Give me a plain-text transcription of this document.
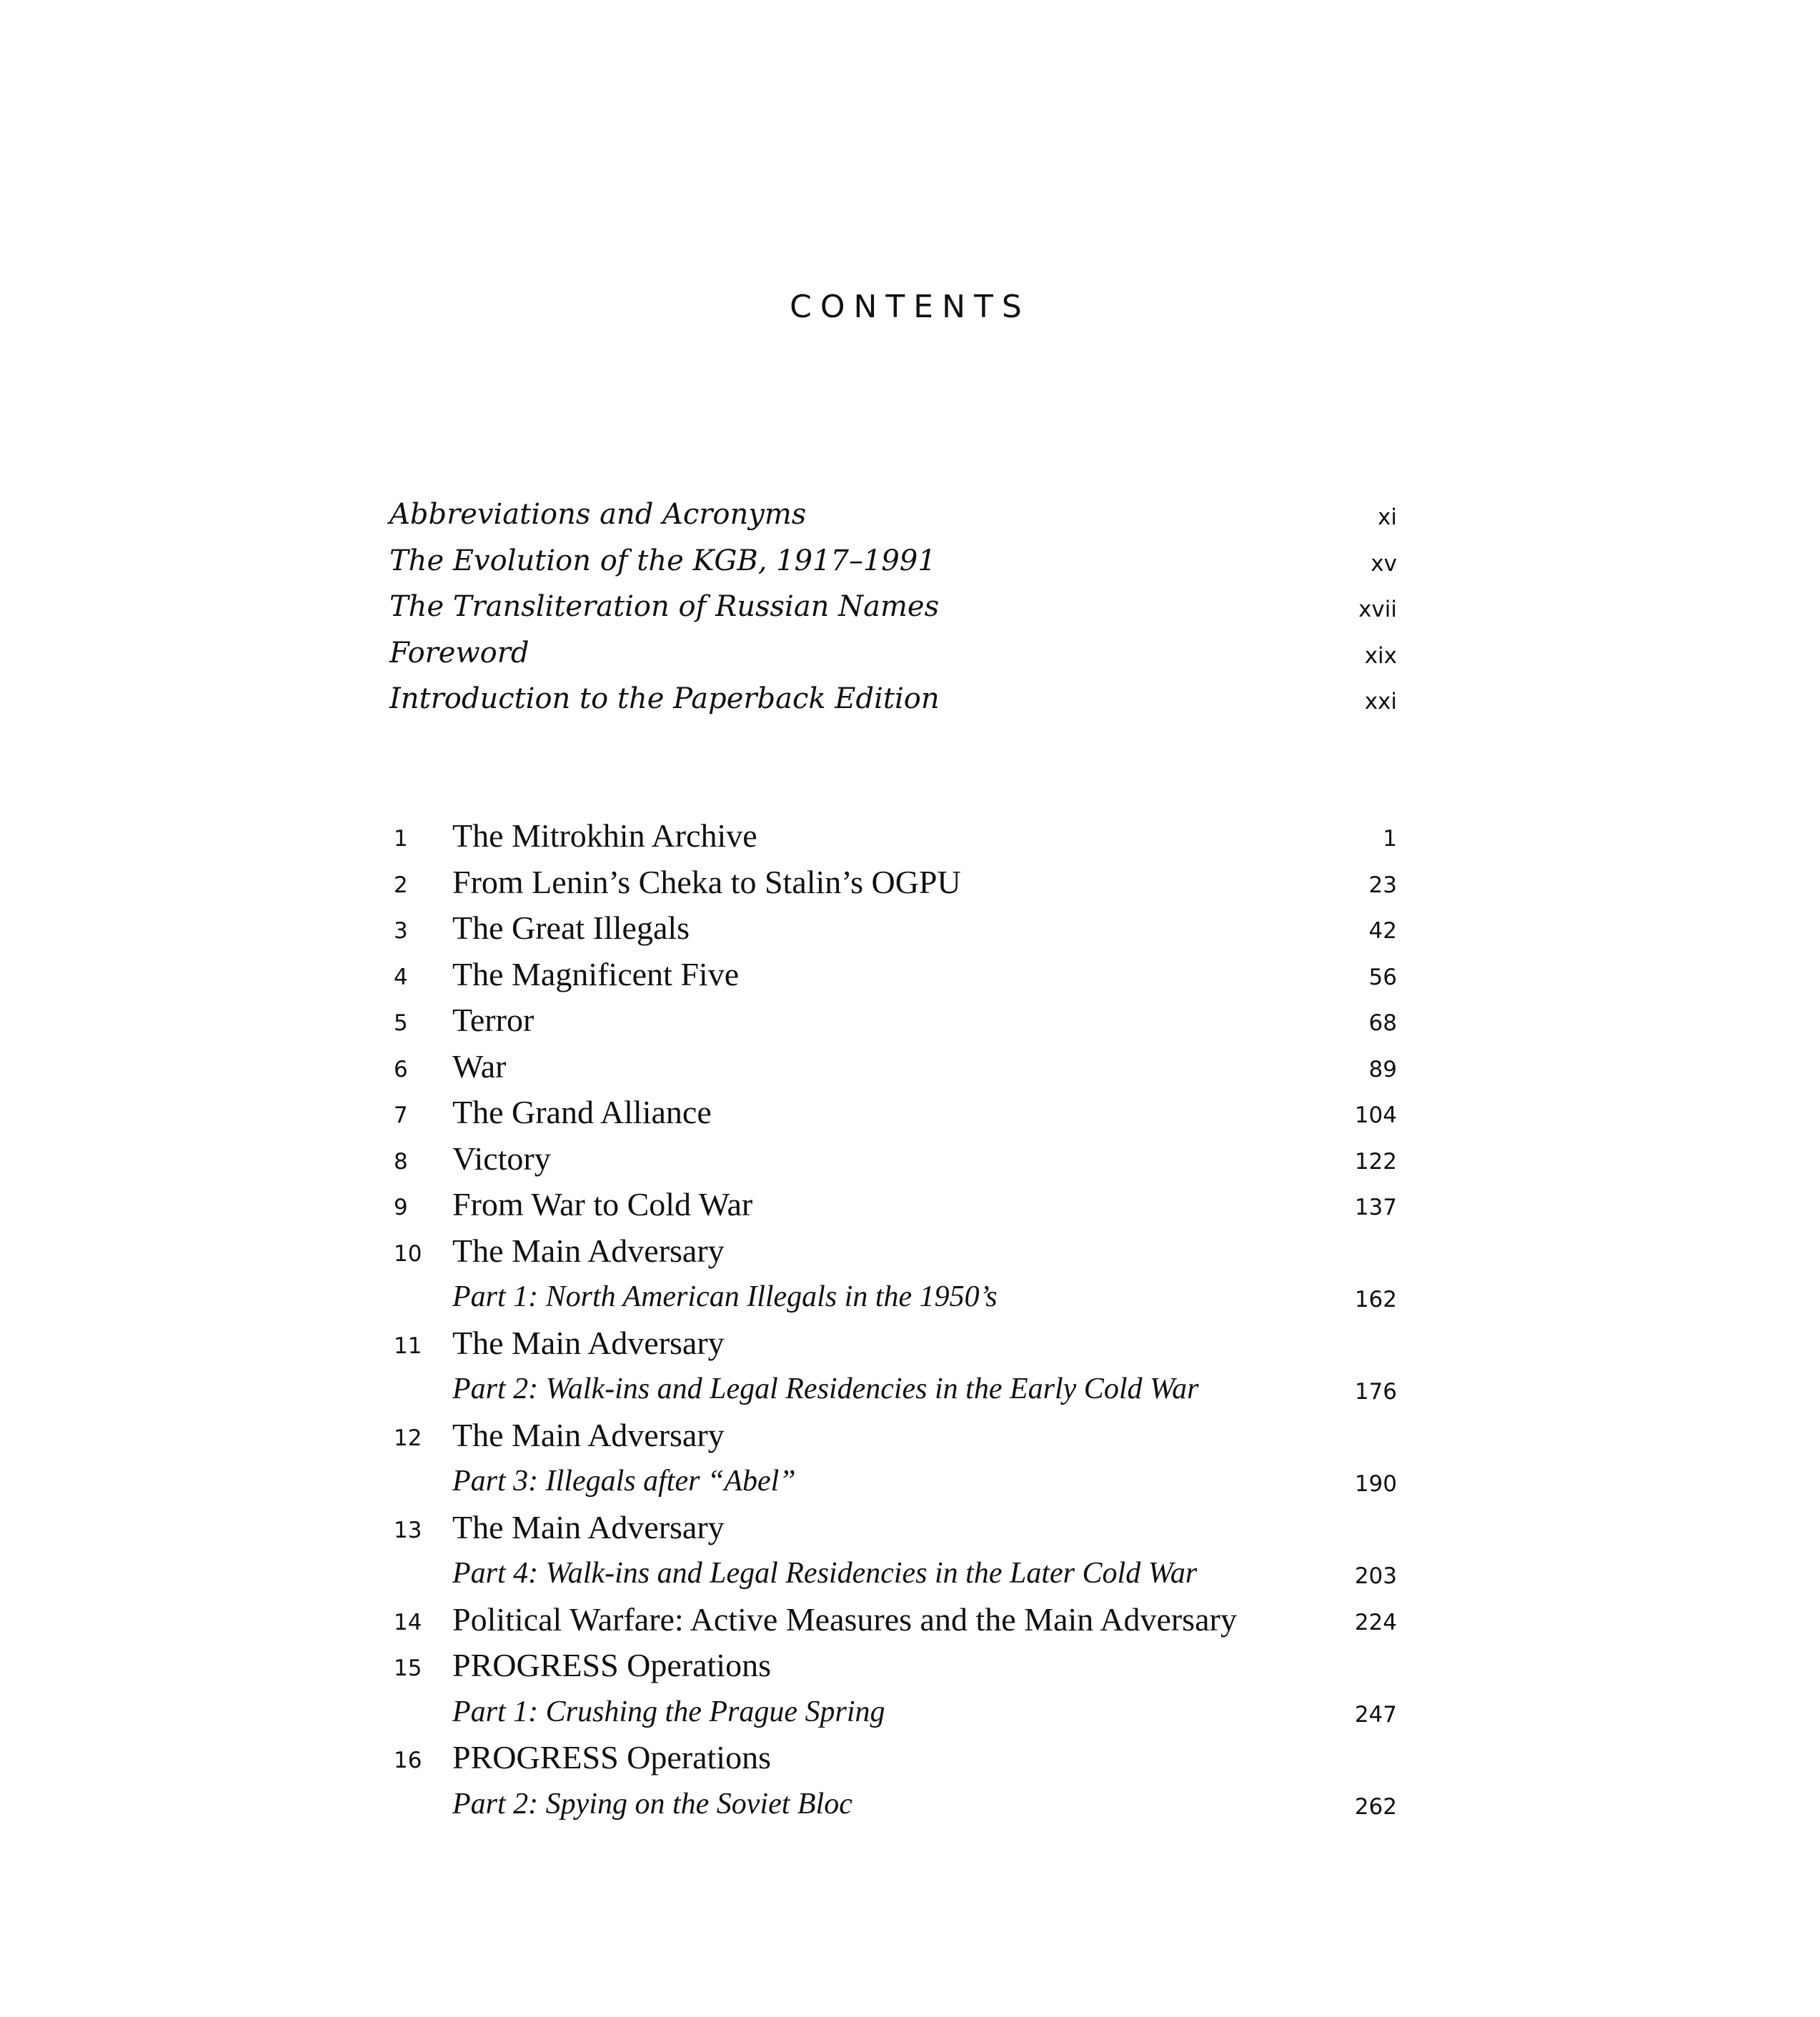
CONTENTS
Abbreviations and Acronyms	xi
The Evolution of the KGB, 1917–1991	xv
The Transliteration of Russian Names	xvii
Foreword	xix
Introduction to the Paperback Edition	xxi
1 The Mitrokhin Archive	1
2 From Lenin’s Cheka to Stalin’s OGPU	23
3 The Great Illegals	42
4 The Magnificent Five	56
5 Terror	68
6 War	89
7 The Grand Alliance	104
8 Victory	122
9 From War to Cold War	137
10 The Main Adversary
Part 1: North American Illegals in the 1950’s	162
11 The Main Adversary
Part 2: Walk-ins and Legal Residencies in the Early Cold War	176
12 The Main Adversary
Part 3: Illegals after “Abel”	190
13 The Main Adversary
Part 4: Walk-ins and Legal Residencies in the Later Cold War	203
14 Political Warfare: Active Measures and the Main Adversary	224
15 PROGRESS Operations
Part 1: Crushing the Prague Spring	247
16 PROGRESS Operations
Part 2: Spying on the Soviet Bloc	262
